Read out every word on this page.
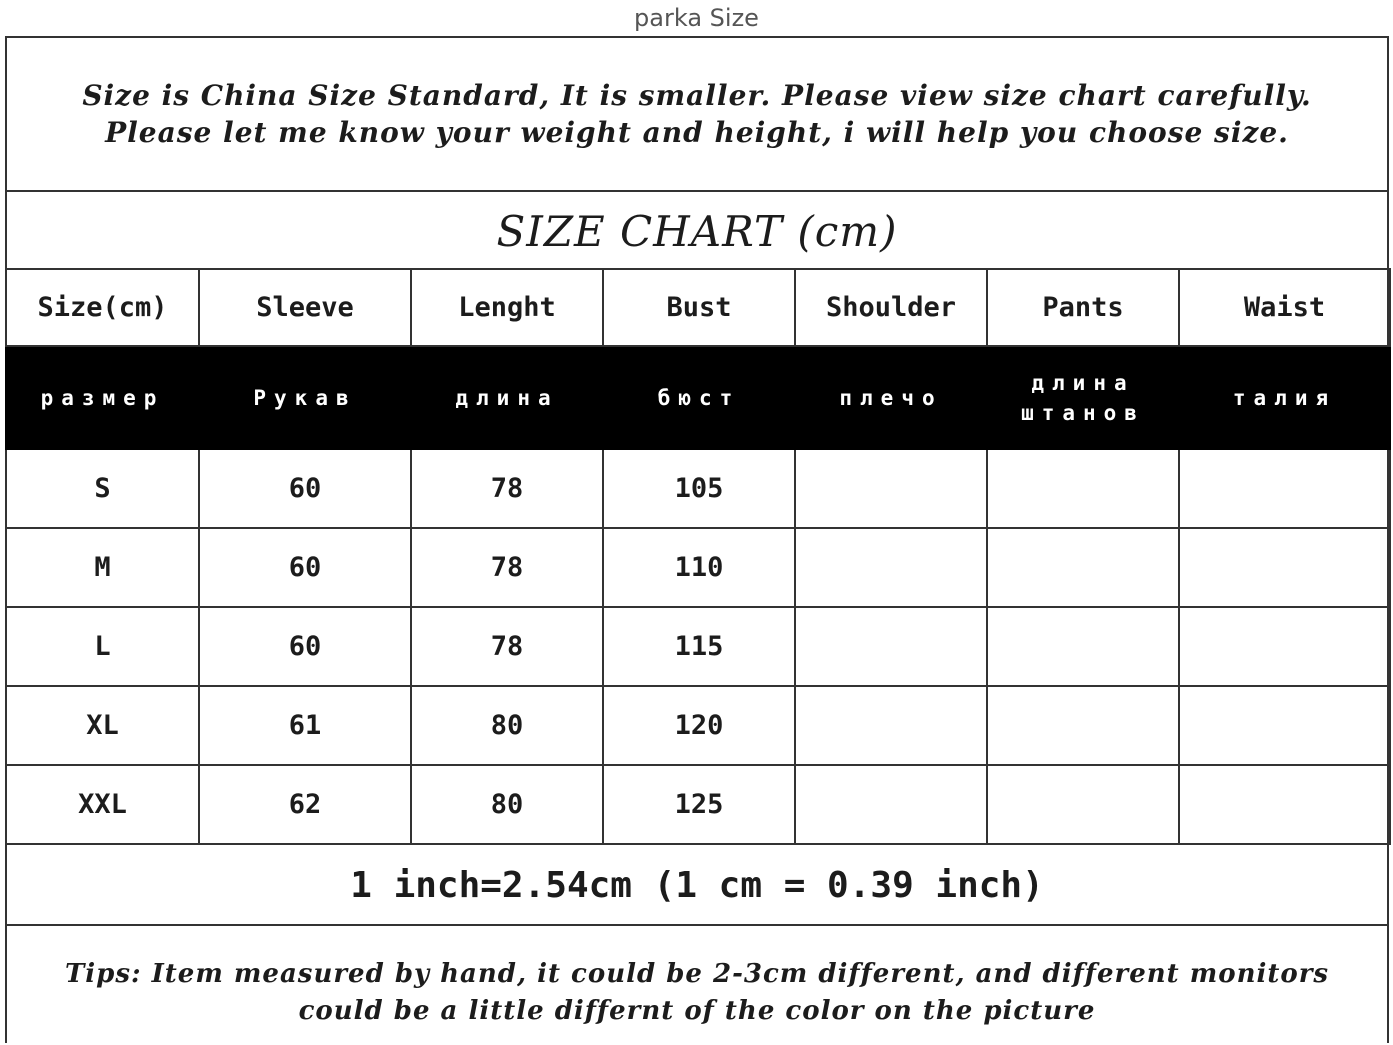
parka Size
Size is China Size Standard, It is smaller. Please view size chart carefully.
Please let me know your weight and height, i will help you choose size.
SIZE CHART (cm)
Size(cm)	Sleeve	Lenght	Bust	Shoulder	Pants	Waist
размер	Рукав	длина	бюст	плечо	длина штанов	талия
S	60	78	105			
M	60	78	110			
L	60	78	115			
XL	61	80	120			
XXL	62	80	125			
1 inch=2.54cm (1 cm = 0.39 inch)
Tips: Item measured by hand, it could be 2-3cm different, and different monitors
could be a little differnt of the color on the picture
